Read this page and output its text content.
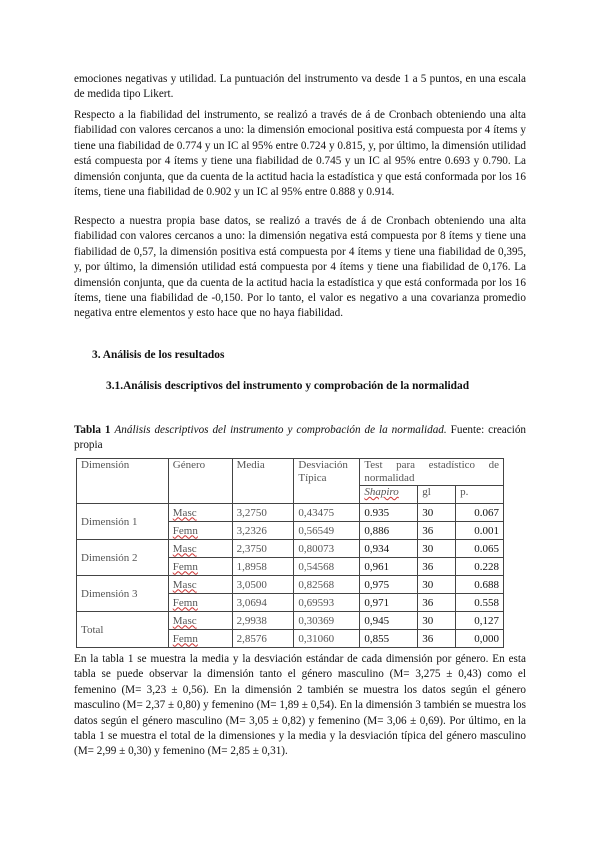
emociones negativas y utilidad. La puntuación del instrumento va desde 1 a 5 puntos, en una escala de medida tipo Likert.

Respecto a la fiabilidad del instrumento, se realizó a través de á de Cronbach obteniendo una alta fiabilidad con valores cercanos a uno: la dimensión emocional positiva está compuesta por 4 ítems y tiene una fiabilidad de 0.774 y un IC al 95% entre 0.724 y 0.815, y, por último, la dimensión utilidad está compuesta por 4 ítems y tiene una fiabilidad de 0.745 y un IC al 95% entre 0.693 y 0.790. La dimensión conjunta, que da cuenta de la actitud hacia la estadística y que está conformada por los 16 ítems, tiene una fiabilidad de 0.902 y un IC al 95% entre 0.888 y 0.914.

Respecto a nuestra propia base datos, se realizó a través de á de Cronbach obteniendo una alta fiabilidad con valores cercanos a uno: la dimensión negativa está compuesta por 8 ítems y tiene una fiabilidad de 0,57, la dimensión positiva está compuesta por 4 ítems y tiene una fiabilidad de 0,395, y, por último, la dimensión utilidad está compuesta por 4 ítems y tiene una fiabilidad de 0,176. La dimensión conjunta, que da cuenta de la actitud hacia la estadística y que está conformada por los 16 ítems, tiene una fiabilidad de -0,150. Por lo tanto, el valor es negativo a una covarianza promedio negativa entre elementos y esto hace que no haya fiabilidad.

3. Análisis de los resultados

3.1.Análisis descriptivos del instrumento y comprobación de la normalidad

Tabla 1 Análisis descriptivos del instrumento y comprobación de la normalidad. Fuente: creación propia

Dimensión	Género	Media	Desviación Típica	Test para estadístico de normalidad		
				Shapiro	gl	p.
Dimensión 1	Masc	3,2750	0,43475	0.935	30	0.067
	Femn	3,2326	0,56549	0,886	36	0.001
Dimensión 2	Masc	2,3750	0,80073	0,934	30	0.065
	Femn	1,8958	0,54568	0,961	36	0.228
Dimensión 3	Masc	3,0500	0,82568	0,975	30	0.688
	Femn	3,0694	0,69593	0,971	36	0.558
Total	Masc	2,9938	0,30369	0,945	30	0,127
	Femn	2,8576	0,31060	0,855	36	0,000

En la tabla 1 se muestra la media y la desviación estándar de cada dimensión por género. En esta tabla se puede observar la dimensión tanto el género masculino (M= 3,275 ± 0,43) como el femenino (M= 3,23 ± 0,56). En la dimensión 2 también se muestra los datos según el género masculino (M= 2,37 ± 0,80) y femenino (M= 1,89 ± 0,54). En la dimensión 3 también se muestra los datos según el género masculino (M= 3,05 ± 0,82) y femenino (M= 3,06 ± 0,69). Por último, en la tabla 1 se muestra el total de la dimensiones y la media y la desviación típica del género masculino (M= 2,99 ± 0,30) y femenino (M= 2,85 ± 0,31).
